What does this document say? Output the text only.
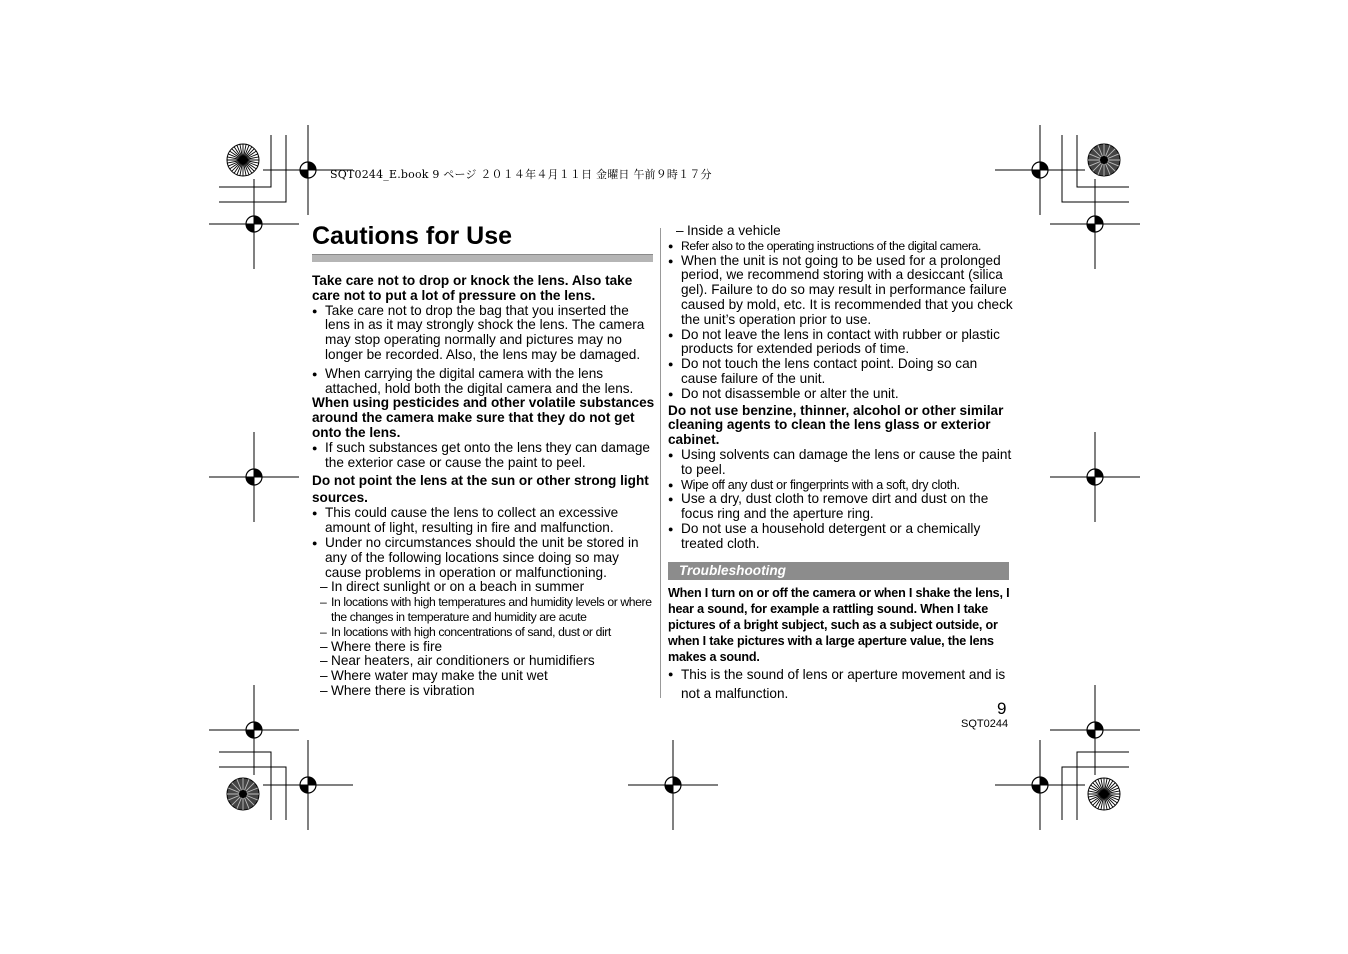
SQT0244_E.book 9 ページ ２０１４年４月１１日 金曜日 午前９時１７分
Cautions for Use

Take care not to drop or knock the lens. Also take care not to put a lot of pressure on the lens.

● Take care not to drop the bag that you inserted the lens in as it may strongly shock the lens. The camera may stop operating normally and pictures may no longer be recorded. Also, the lens may be damaged.

● When carrying the digital camera with the lens attached, hold both the digital camera and the lens.

When using pesticides and other volatile substances around the camera make sure that they do not get onto the lens.

● If such substances get onto the lens they can damage the exterior case or cause the paint to peel.

Do not point the lens at the sun or other strong light sources.

● This could cause the lens to collect an excessive amount of light, resulting in fire and malfunction.

● Under no circumstances should the unit be stored in any of the following locations since doing so may cause problems in operation or malfunctioning.

– In direct sunlight or on a beach in summer

– In locations with high temperatures and humidity levels or where the changes in temperature and humidity are acute

– In locations with high concentrations of sand, dust or dirt

– Where there is fire

– Near heaters, air conditioners or humidifiers

– Where water may make the unit wet

– Where there is vibration

– Inside a vehicle

● Refer also to the operating instructions of the digital camera.

● When the unit is not going to be used for a prolonged period, we recommend storing with a desiccant (silica gel). Failure to do so may result in performance failure caused by mold, etc. It is recommended that you check the unit’s operation prior to use.

● Do not leave the lens in contact with rubber or plastic products for extended periods of time.

● Do not touch the lens contact point. Doing so can cause failure of the unit.

● Do not disassemble or alter the unit.

Do not use benzine, thinner, alcohol or other similar cleaning agents to clean the lens glass or exterior cabinet.

● Using solvents can damage the lens or cause the paint to peel.

● Wipe off any dust or fingerprints with a soft, dry cloth.

● Use a dry, dust cloth to remove dirt and dust on the focus ring and the aperture ring.

● Do not use a household detergent or a chemically treated cloth.

Troubleshooting

When I turn on or off the camera or when I shake the lens, I hear a sound, for example a rattling sound. When I take pictures of a bright subject, such as a subject outside, or when I take pictures with a large aperture value, the lens makes a sound.

● This is the sound of lens or aperture movement and is not a malfunction.

9
SQT0244
